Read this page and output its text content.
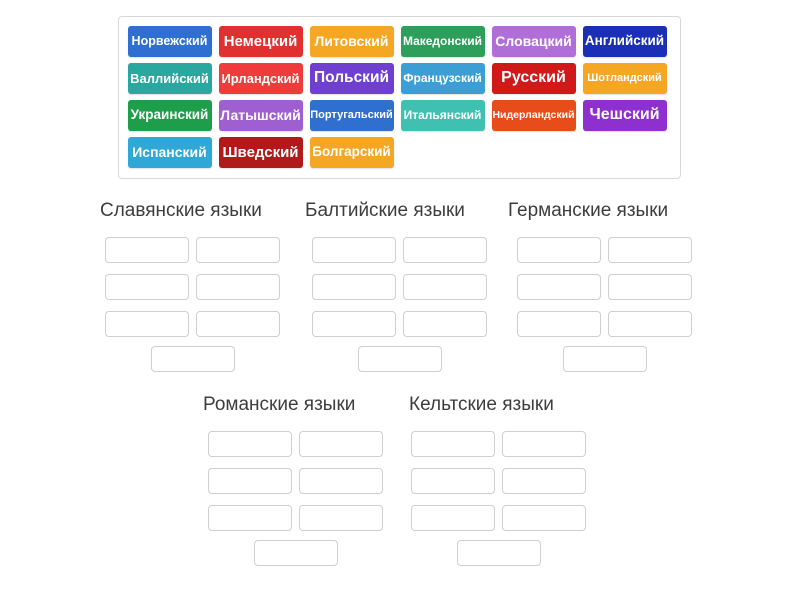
Норвежский	Немецкий	Литовский	Македонский Словацкий Английский
Валлийский Ирландский Польский	Французский	Русский	Шотландский
Украинский Латышский Португальский Итальянский Нидерландский Чешский
Испанский	Шведский Болгарский
Славянские языки Балтийские языки Германские языки
Романские языки	Кельтские языки
